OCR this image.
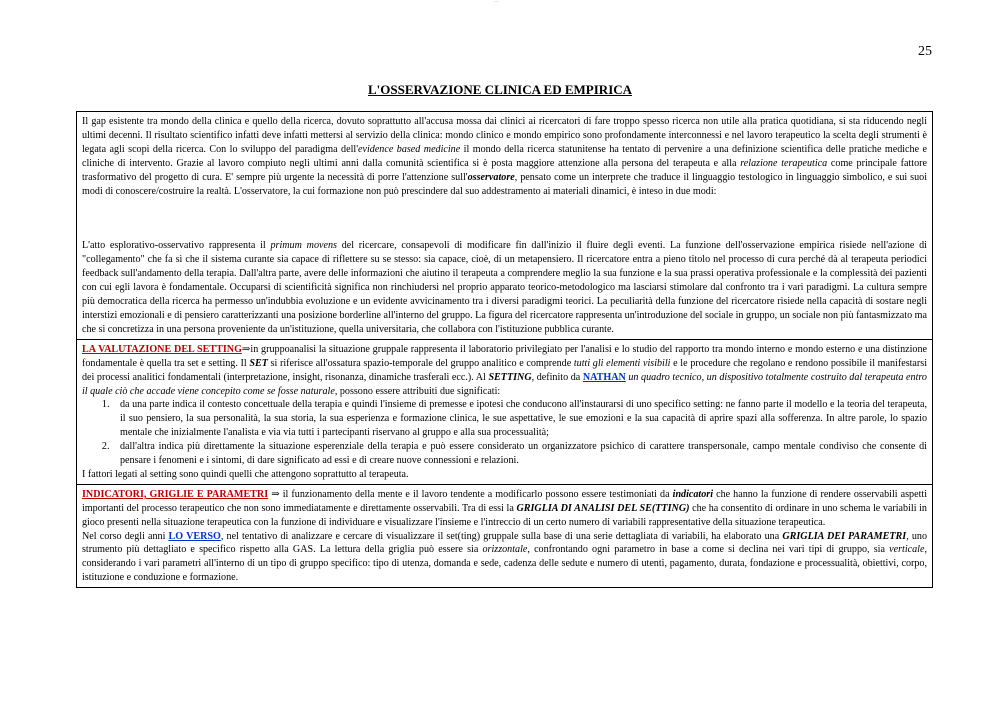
—
25
L'OSSERVAZIONE CLINICA ED EMPIRICA

Il gap esistente tra mondo della clinica e quello della ricerca, dovuto soprattutto all'accusa mossa dai clinici ai ricercatori di fare troppo spesso ricerca non utile alla pratica quotidiana, si sta riducendo negli ultimi decenni. Il risultato scientifico infatti deve infatti mettersi al servizio della clinica: mondo clinico e mondo empirico sono profondamente interconnessi e nel lavoro terapeutico la scelta degli strumenti è legata agli scopi della ricerca. Con lo sviluppo del paradigma dell'evidence based medicine il mondo della ricerca statunitense ha tentato di pervenire a una definizione scientifica delle pratiche mediche e cliniche di intervento. Grazie al lavoro compiuto negli ultimi anni dalla comunità scientifica si è posta maggiore attenzione alla persona del terapeuta e alla relazione terapeutica come principale fattore trasformativo del progetto di cura. E' sempre più urgente la necessità di porre l'attenzione sull'osservatore, pensato come un interprete che traduce il linguaggio testologico in linguaggio simbolico, e sui suoi modi di conoscere/costruire la realtà. L'osservatore, la cui formazione non può prescindere dal suo addestramento ai materiali dinamici, è inteso in due modi:

L'atto esplorativo-osservativo rappresenta il primum movens del ricercare, consapevoli di modificare fin dall'inizio il fluire degli eventi. La funzione dell'osservazione empirica risiede nell'azione di "collegamento" che fa sì che il sistema curante sia capace di riflettere su se stesso: sia capace, cioè, di un metapensiero. Il ricercatore entra a pieno titolo nel processo di cura perché dà al terapeuta periodici feedback sull'andamento della terapia. Dall'altra parte, avere delle informazioni che aiutino il terapeuta a comprendere meglio la sua funzione e la sua prassi operativa professionale e la complessità dei pazienti con cui egli lavora è fondamentale. Occuparsi di scientificità significa non rinchiudersi nel proprio apparato teorico-metodologico ma lasciarsi stimolare dal confronto tra i vari paradigmi. La cultura sempre più democratica della ricerca ha permesso un'indubbia evoluzione e un evidente avvicinamento tra i diversi paradigmi teorici. La peculiarità della funzione del ricercatore risiede nella capacità di sostare negli interstizi emozionali e di pensiero caratterizzanti una posizione borderline all'interno del gruppo. La figura del ricercatore rappresenta un'introduzione del sociale in gruppo, un sociale non più fantasmizzato ma che si concretizza in una persona proveniente da un'istituzione, quella universitaria, che collabora con l'istituzione pubblica curante.

LA VALUTAZIONE DEL SETTING⇒in gruppoanalisi la situazione gruppale rappresenta il laboratorio privilegiato per l'analisi e lo studio del rapporto tra mondo interno e mondo esterno e una distinzione fondamentale è quella tra set e setting. Il SET si riferisce all'ossatura spazio-temporale del gruppo analitico e comprende tutti gli elementi visibili e le procedure che regolano e rendono possibile il manifestarsi dei processi analitici fondamentali (interpretazione, insight, risonanza, dinamiche trasferali ecc.). Al SETTING, definito da NATHAN un quadro tecnico, un dispositivo totalmente costruito dal terapeuta entro il quale ciò che accade viene concepito come se fosse naturale, possono essere attribuiti due significati:

1. da una parte indica il contesto concettuale della terapia e quindi l'insieme di premesse e ipotesi che conducono all'instaurarsi di uno specifico setting: ne fanno parte il modello e la teoria del terapeuta, il suo pensiero, la sua personalità, la sua storia, la sua esperienza e formazione clinica, le sue aspettative, le sue emozioni e la sua capacità di aprire spazi alla sofferenza. In altre parole, lo spazio mentale che inizialmente l'analista e via via tutti i partecipanti riservano al gruppo e alla sua processualità;
2. dall'altra indica più direttamente la situazione esperenziale della terapia e può essere considerato un organizzatore psichico di carattere transpersonale, campo mentale condiviso che consente di pensare i fenomeni e i sintomi, di dare significato ad essi e di creare nuove connessioni e relazioni.

I fattori legati al setting sono quindi quelli che attengono soprattutto al terapeuta.

INDICATORI, GRIGLIE E PARAMETRI ⇒ il funzionamento della mente e il lavoro tendente a modificarlo possono essere testimoniati da indicatori che hanno la funzione di rendere osservabili aspetti importanti del processo terapeutico che non sono immediatamente e direttamente osservabili. Tra di essi la GRIGLIA DI ANALISI DEL SE(TTING) che ha consentito di ordinare in uno schema le variabili in gioco presenti nella situazione terapeutica con la funzione di individuare e visualizzare l'insieme e l'intreccio di un certo numero di variabili rappresentative della situazione terapeutica.

Nel corso degli anni LO VERSO, nel tentativo di analizzare e cercare di visualizzare il set(ting) gruppale sulla base di una serie dettagliata di variabili, ha elaborato una GRIGLIA DEI PARAMETRI, uno strumento più dettagliato e specifico rispetto alla GAS. La lettura della griglia può essere sia orizzontale, confrontando ogni parametro in base a come si declina nei vari tipi di gruppo, sia verticale, considerando i vari parametri all'interno di un tipo di gruppo specifico: tipo di utenza, domanda e sede, cadenza delle sedute e numero di utenti, pagamento, durata, fondazione e processualità, obiettivi, corpo, istituzione e conduzione e formazione.
